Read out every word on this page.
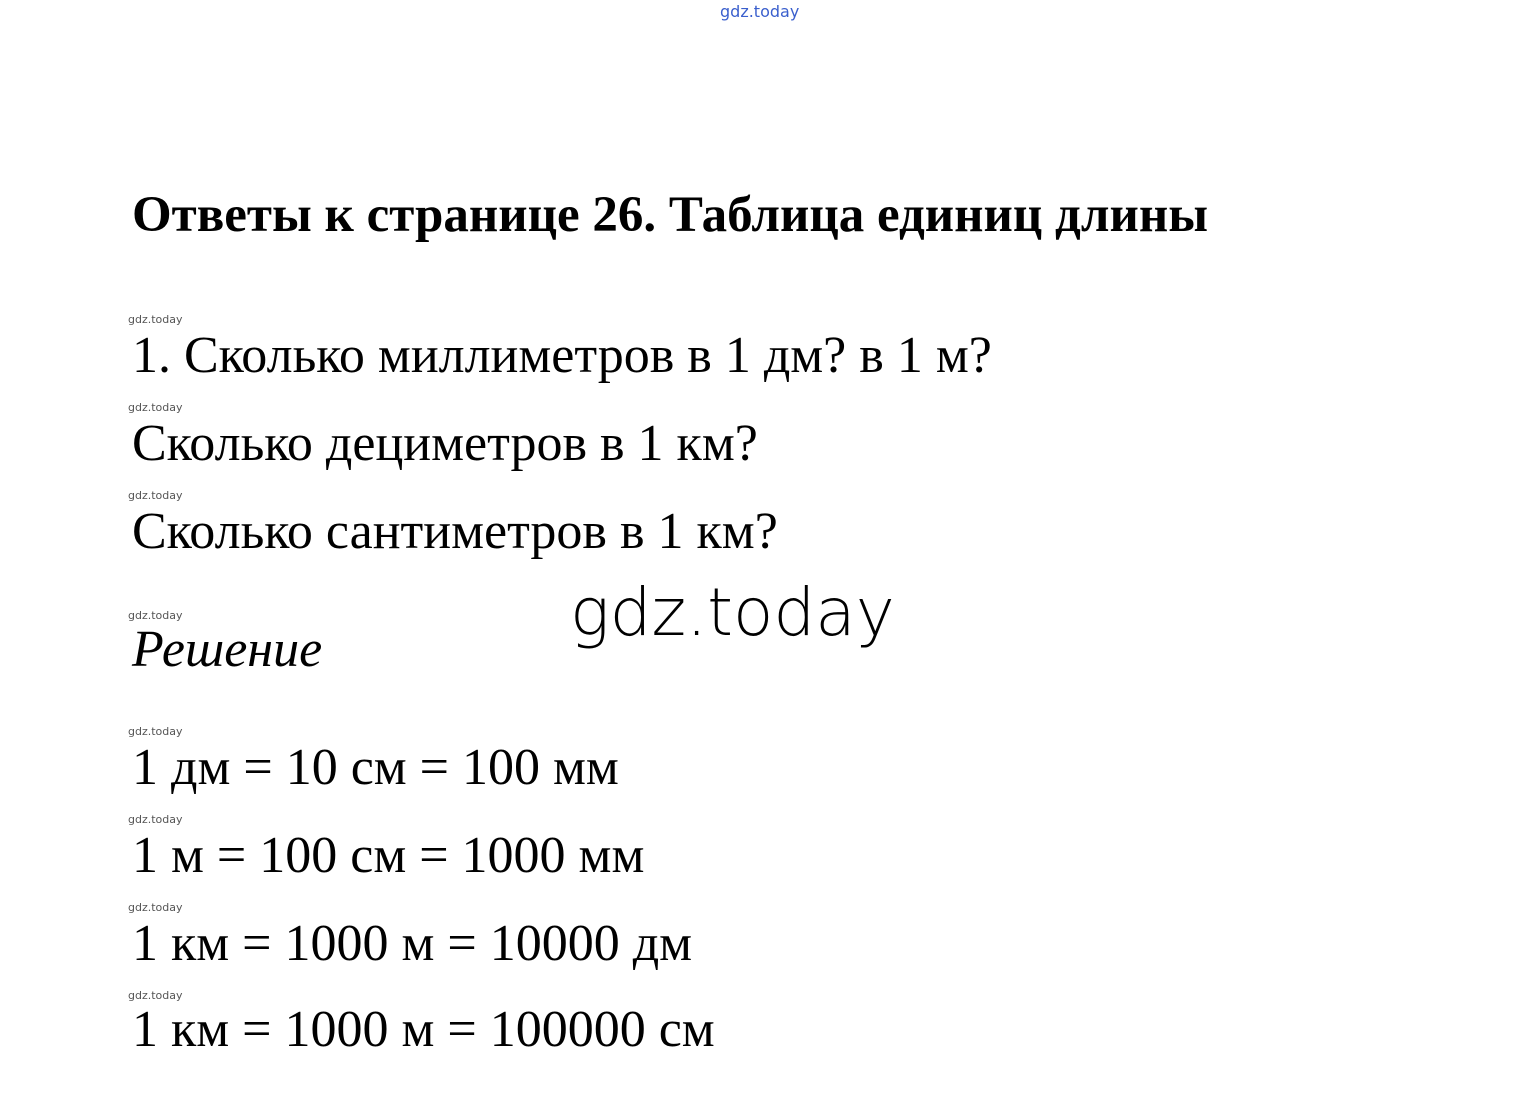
gdz.today
Ответы к странице 26. Таблица единиц длины
gdz.today
1. Сколько миллиметров в 1 дм? в 1 м?
gdz.today
Сколько дециметров в 1 км?
gdz.today
Сколько сантиметров в 1 км?
gdz.today
Решение	gdz.today
gdz.today
1 дм = 10 см = 100 мм
gdz.today
1 м = 100 см = 1000 мм
gdz.today
1 км = 1000 м = 10000 дм
gdz.today
1 км = 1000 м = 100000 см
